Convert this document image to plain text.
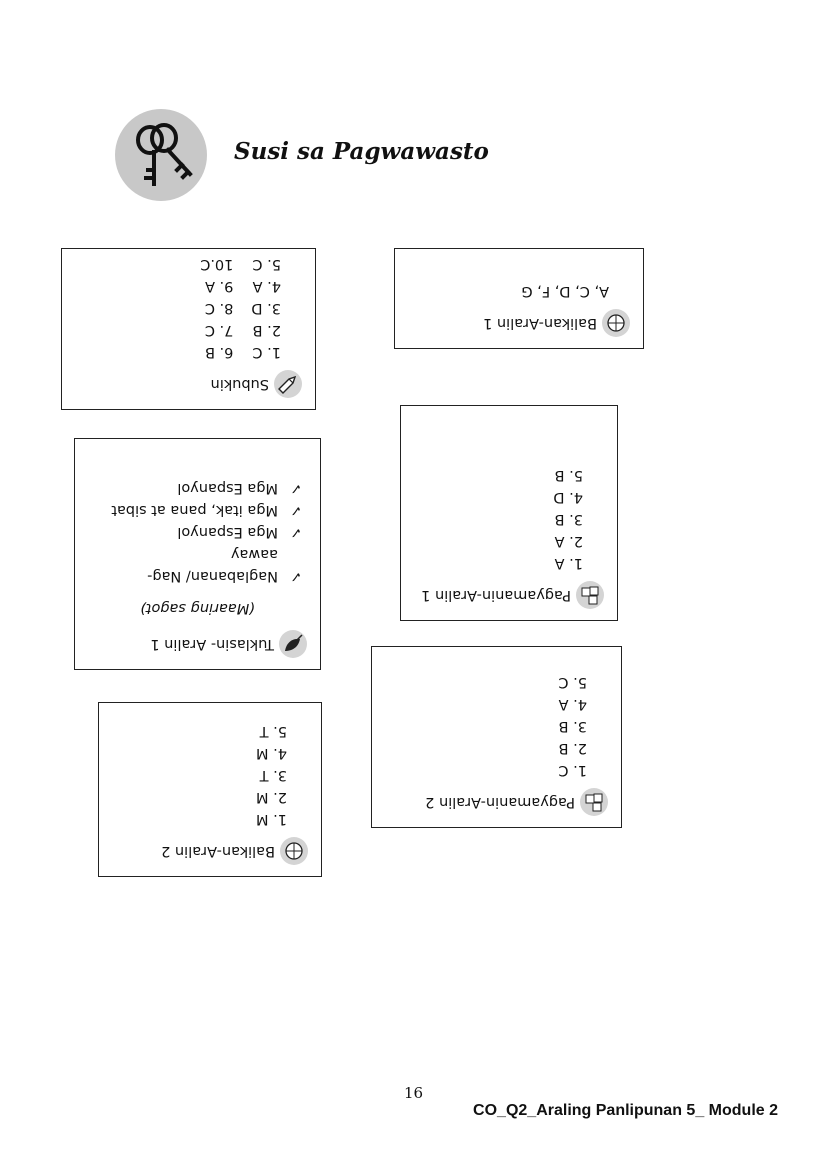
Susi sa Pagwawasto
Subukin
1. C
2. B
3. D
4. A
5. C
6. B
7. C
8. C
9. A
10.C
Balikan-Aralin 1
A, C, D, F, G
Pagyamanin-Aralin 1
1. A
2. A
3. B
4. D
5. B
Tuklasin- Aralin 1
(Maaring sagot)
✓
Naglabanan/ Nag-aaway
✓
Mga Espanyol
✓
Mga itak, pana at sibat
✓
Mga Espanyol
Pagyamanin-Aralin 2
1. C
2. B
3. B
4. A
5. C
Balikan-Aralin 2
1. M
2. M
3. T
4. M
5. T
16
CO_Q2_Araling Panlipunan 5_ Module 2
